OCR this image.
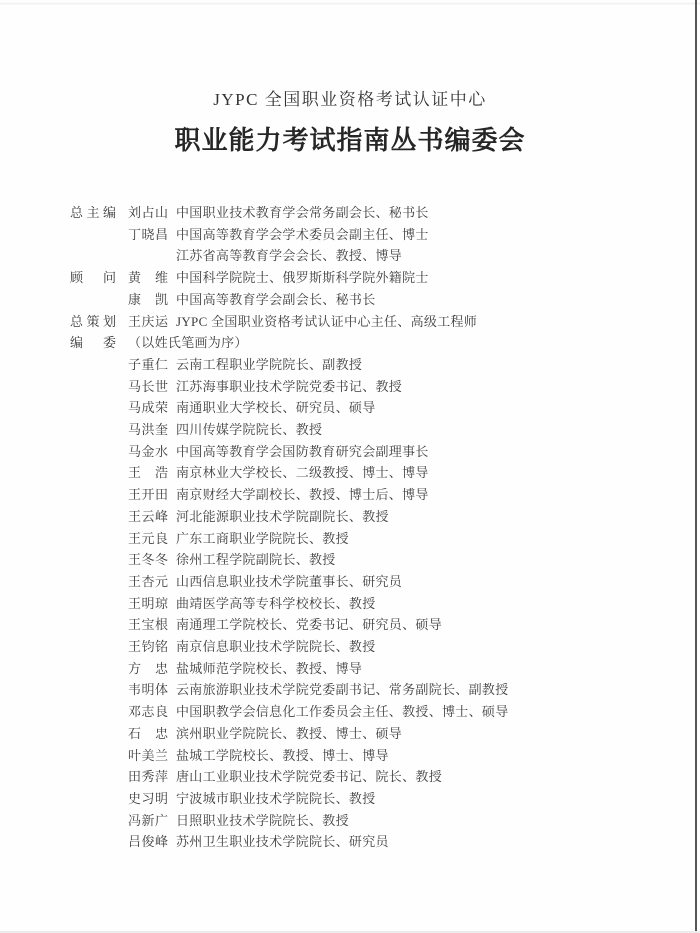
JYPC 全国职业资格考试认证中心
职业能力考试指南丛书编委会
总主编 刘占山 中国职业技术教育学会常务副会长、秘书长
丁晓昌 中国高等教育学会学术委员会副主任、博士
江苏省高等教育学会会长、教授、博导
顾问 黄维 中国科学院院士、俄罗斯斯科学院外籍院士
康凯 中国高等教育学会副会长、秘书长
总策划 王庆运 JYPC 全国职业资格考试认证中心主任、高级工程师
编委 （以姓氏笔画为序）
子重仁 云南工程职业学院院长、副教授
马长世 江苏海事职业技术学院党委书记、教授
马成荣 南通职业大学校长、研究员、硕导
马洪奎 四川传媒学院院长、教授
马金水 中国高等教育学会国防教育研究会副理事长
王浩 南京林业大学校长、二级教授、博士、博导
王开田 南京财经大学副校长、教授、博士后、博导
王云峰 河北能源职业技术学院副院长、教授
王元良 广东工商职业学院院长、教授
王冬冬 徐州工程学院副院长、教授
王杏元 山西信息职业技术学院董事长、研究员
王明琼 曲靖医学高等专科学校校长、教授
王宝根 南通理工学院校长、党委书记、研究员、硕导
王钧铭 南京信息职业技术学院院长、教授
方忠 盐城师范学院校长、教授、博导
韦明体 云南旅游职业技术学院党委副书记、常务副院长、副教授
邓志良 中国职教学会信息化工作委员会主任、教授、博士、硕导
石忠 滨州职业学院院长、教授、博士、硕导
叶美兰 盐城工学院校长、教授、博士、博导
田秀萍 唐山工业职业技术学院党委书记、院长、教授
史习明 宁波城市职业技术学院院长、教授
冯新广 日照职业技术学院院长、教授
吕俊峰 苏州卫生职业技术学院院长、研究员
